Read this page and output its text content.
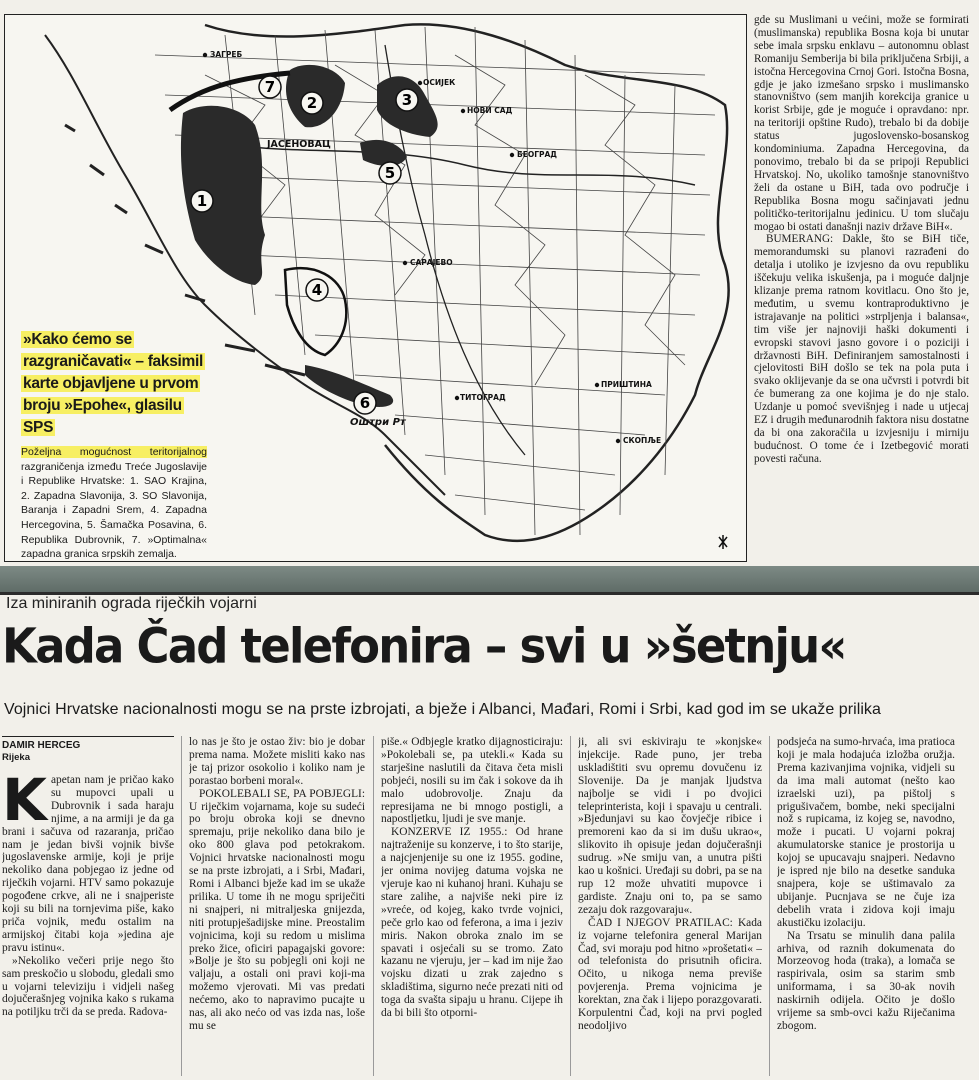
1
2	3
4
5
6
7
ЗАГРЕБ
ЈАСЕНОВАЦ
НОВИ САД
БЕОГРАД
САРАЈЕВО
ТИТОГРАД
ПРИШТИНА
СКОПЉЕ
Оштри Рт
ОСИЈЕК
»Kako ćemo se
razgraničavati« – faksimil
karte objavljene u prvom
broju »Epohe«, glasilu SPS
Poželjna mogućnost teritorijalnog razgraničenja između Treće Jugoslavije i Republike Hrvatske: 1. SAO Krajina, 2. Zapadna Slavonija, 3. SO Slavonija, Baranja i Zapadni Srem, 4. Zapadna Hercegovina, 5. Šamačka Posavina, 6. Republika Dubrovnik, 7. »Optimalna« zapadna granica srpskih zemalja.

gde su Muslimani u većini, može se formirati (muslimanska) republika Bosna koja bi unutar sebe imala srpsku enklavu – autonomnu oblast Romaniju Semberija bi bila priključena Srbiji, a istočna Hercegovina Crnoj Gori. Istočna Bosna, gdje je jako izmešano srpsko i muslimansko stanovništvo (sem manjih korekcija granice u korist Srbije, gde je moguće i opravdano: npr. na teritoriji opštine Rudo), trebalo bi da dobije status jugoslovensko-bosanskog kondominiuma. Zapadna Hercegovina, da ponovimo, trebalo bi da se pripoji Republici Hrvatskoj. No, ukoliko tamošnje stanovništvo želi da ostane u BiH, tada ovo područje i Republika Bosna mogu sačinjavati jednu političko-teritorijalnu jedinicu. U tom slučaju mogao bi ostati današnji naziv države BiH«.

BUMERANG: Dakle, što se BiH tiče, memorandumski su planovi razrađeni do detalja i utoliko je izvjesno da ovu republiku iščekuju velika iskušenja, pa i moguće daljnje klizanje prema ratnom kovitlacu. Ono što je, međutim, u svemu kontraproduktivno je istrajavanje na politici »strpljenja i balansa«, tim više jer najnoviji haški dokumenti i evropski stavovi jasno govore i o poziciji i državnosti BiH. Definiranjem samostalnosti i cjelovitosti BiH došlo se tek na pola puta i svako oklijevanje da se ona učvrsti i potvrdi bit će bumerang za one kojima je do nje stalo. Uzdanje u pomoć svevišnjeg i nade u utjecaj EZ i drugih međunarodnih faktora nisu dostatne da bi ona zakoračila u izvjesniju i mirniju budućnost. O tome će i Izetbegović morati povesti računa.

Iza miniranih ograda riječkih vojarni
Kada Čad telefonira – svi u »šetnju«
Vojnici Hrvatske nacionalnosti mogu se na prste izbrojati, a bježe i Albanci, Mađari, Romi i Srbi, kad god im se ukaže prilika
DAMIR HERCEG
Rijeka
K apetan nam je pričao kako su mupovci upali u Dubrovnik i sada haraju njime, a na armiji je da ga brani i sačuva od razaranja, pričao nam je jedan bivši vojnik bivše jugoslavenske armije, koji je prije nekoliko dana pobjegao iz jedne od riječkih vojarni. HTV samo pokazuje pogođene crkve, ali ne i snajperiste koji su bili na tornjevima piše, kako priča vojnik, među ostalim na armijskoj čitabi koja »jedina aje pravu istinu«.

»Nekoliko večeri prije nego što sam preskočio u slobodu, gledali smo u vojarni televiziju i vidjeli našeg dojučerašnjeg vojnika kako s rukama na potiljku trči da se preda. Radova-

lo nas je što je ostao živ: bio je dobar prema nama. Možete misliti kako nas je taj prizor osokolio i koliko nam je porastao borbeni moral«.

POKOLEBALI SE, PA POBJEGLI: U riječkim vojarnama, koje su sudeći po broju obroka koji se dnevno spremaju, prije nekoliko dana bilo je oko 800 glava pod petokrakom. Vojnici hrvatske nacionalnosti mogu se na prste izbrojati, a i Srbi, Mađari, Romi i Albanci bježe kad im se ukaže prilika. U tome ih ne mogu spriječiti ni snajperi, ni mitraljeska gnijezda, niti protupješadijske mine. Preostalim vojnicima, koji su redom u mislima preko žice, oficiri papagajski govore: »Bolje je što su pobjegli oni koji ne valjaju, a ostali oni pravi koji-ma možemo vjerovati. Mi vas predati nećemo, ako to napravimo pucajte u nas, ali ako nećo od vas izda nas, loše mu se

piše.« Odbjegle kratko dijagnosticiraju: »Pokolebali se, pa utekli.« Kada su starješine naslutili da čitava četa misli pobjeći, nosili su im čak i sokove da ih malo udobrovolje. Znaju da represijama ne bi mnogo postigli, a napostljetku, ljudi je sve manje.

KONZERVE IZ 1955.: Od hrane najtraženije su konzerve, i to što starije, a najcjenjenije su one iz 1955. godine, jer onima novijeg datuma vojska ne vjeruje kao ni kuhanoj hrani. Kuhaju se stare zalihe, a najviše neki pire iz »vreće, od kojeg, kako tvrde vojnici, peče grlo kao od feferona, a ima i jeziv miris. Nakon obroka znalo im se spavati i osjećali su se tromo. Zato kazanu ne vjeruju, jer – kad im nije žao vojsku dizati u zrak zajedno s skladištima, sigurno neće prezati niti od toga da svašta sipaju u hranu. Cijepe ih da bi bili što otporni-

ji, ali svi eskiviraju te »konjske« injekcije. Rade puno, jer treba uskladištiti svu opremu dovučenu iz Slovenije. Da je manjak ljudstva najbolje se vidi i po dvojici teleprinterista, koji i spavaju u centrali. »Bjedunjavi su kao čovječje ribice i premoreni kao da si im dušu ukrao«, slikovito ih opisuje jedan dojučerašnji sudrug. »Ne smiju van, a unutra pišti kao u košnici. Uređaji su dobri, pa se na rup 12 može uhvatiti mupovce i gardiste. Znaju oni to, pa se samo zezaju dok razgovaraju«.

ČAD I NJEGOV PRATILAC: Kada iz vojarne telefonira general Marijan Čad, svi moraju pod hitno »prošetati« – od telefonista do prisutnih oficira. Očito, u nikoga nema previše povjerenja. Prema vojnicima je korektan, zna čak i lijepo porazgovarati. Korpulentni Čad, koji na prvi pogled neodoljivo

podsjeća na sumo-hrvaća, ima pratioca koji je mala hodajuća izložba oružja. Prema kazivanjima vojnika, vidjeli su da ima mali automat (nešto kao izraelski uzi), pa pištolj s prigušivačem, bombe, neki specijalni nož s rupicama, iz kojeg se, navodno, može i pucati. U vojarni pokraj akumulatorske stanice je prostorija u kojoj se upucavaju snajperi. Nedavno je ispred nje bilo na desetke sanduka snajpera, koje se uštimavalo za ubijanje. Pucnjava se ne čuje iza debelih vrata i zidova koji imaju akustičku izolaciju.

Na Trsatu se minulih dana palila arhiva, od raznih dokumenata do Morzeovog hoda (traka), a lomača se raspirivala, osim sa starim smb uniformama, i sa 30-ak novih naskirnih odijela. Očito je došlo vrijeme sa smb-ovci kažu Riječanima zbogom.
